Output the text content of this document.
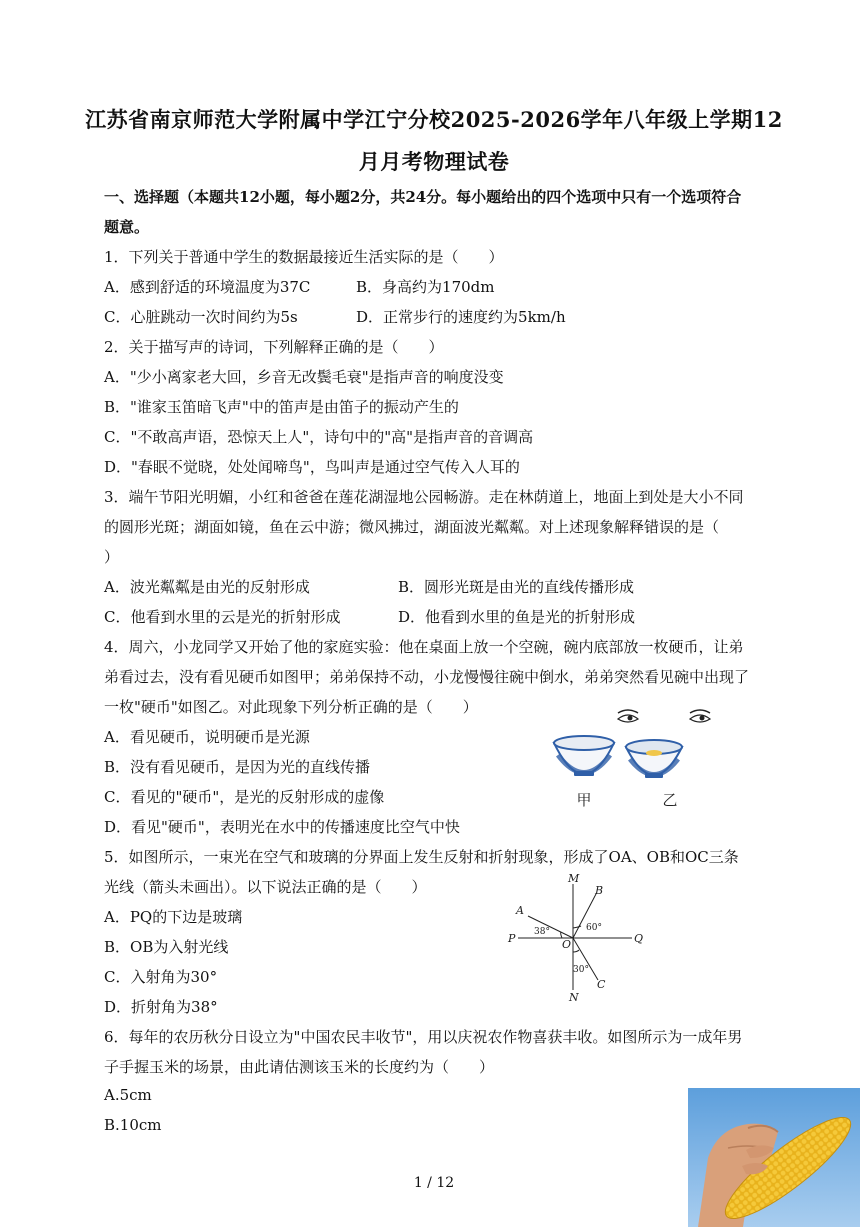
江苏省南京师范大学附属中学江宁分校2025-2026学年八年级上学期12
月月考物理试卷
一、选择题（本题共12小题，每小题2分，共24分。每小题给出的四个选项中只有一个选项符合
题意。
1．下列关于普通中学生的数据最接近生活实际的是（　　）
A．感到舒适的环境温度为37C	B．身高约为170dm
C．心脏跳动一次时间约为5s	D．正常步行的速度约为5km/h
2．关于描写声的诗词，下列解释正确的是（　　）
A．"少小离家老大回，乡音无改鬓毛衰"是指声音的响度没变
B．"谁家玉笛暗飞声"中的笛声是由笛子的振动产生的
C．"不敢高声语，恐惊天上人"，诗句中的"高"是指声音的音调高
D．"春眠不觉晓，处处闻啼鸟"，鸟叫声是通过空气传入人耳的
3．端午节阳光明媚，小红和爸爸在莲花湖湿地公园畅游。走在林荫道上，地面上到处是大小不同
的圆形光斑；湖面如镜，鱼在云中游；微风拂过，湖面波光粼粼。对上述现象解释错误的是（
）
A．波光粼粼是由光的反射形成	B．圆形光斑是由光的直线传播形成
C．他看到水里的云是光的折射形成	D．他看到水里的鱼是光的折射形成
4．周六，小龙同学又开始了他的家庭实验：他在桌面上放一个空碗，碗内底部放一枚硬币，让弟
弟看过去，没有看见硬币如图甲；弟弟保持不动，小龙慢慢往碗中倒水，弟弟突然看见碗中出现了
一枚"硬币"如图乙。对此现象下列分析正确的是（　　）
A．看见硬币，说明硬币是光源
B．没有看见硬币，是因为光的直线传播
C．看见的"硬币"，是光的反射形成的虚像
D．看见"硬币"，表明光在水中的传播速度比空气中快
甲	乙
5．如图所示，一束光在空气和玻璃的分界面上发生反射和折射现象，形成了OA、OB和OC三条
光线（箭头未画出）。以下说法正确的是（　　）
A．PQ的下边是玻璃
B．OB为入射光线
C．入射角为30°
D．折射角为38°
M
N
P	Q
O
A
B
C
38°	60°
30°
6．每年的农历秋分日设立为"中国农民丰收节"，用以庆祝农作物喜获丰收。如图所示为一成年男
子手握玉米的场景，由此请估测该玉米的长度约为（　　）
A.5cm
B.10cm
1 / 12
